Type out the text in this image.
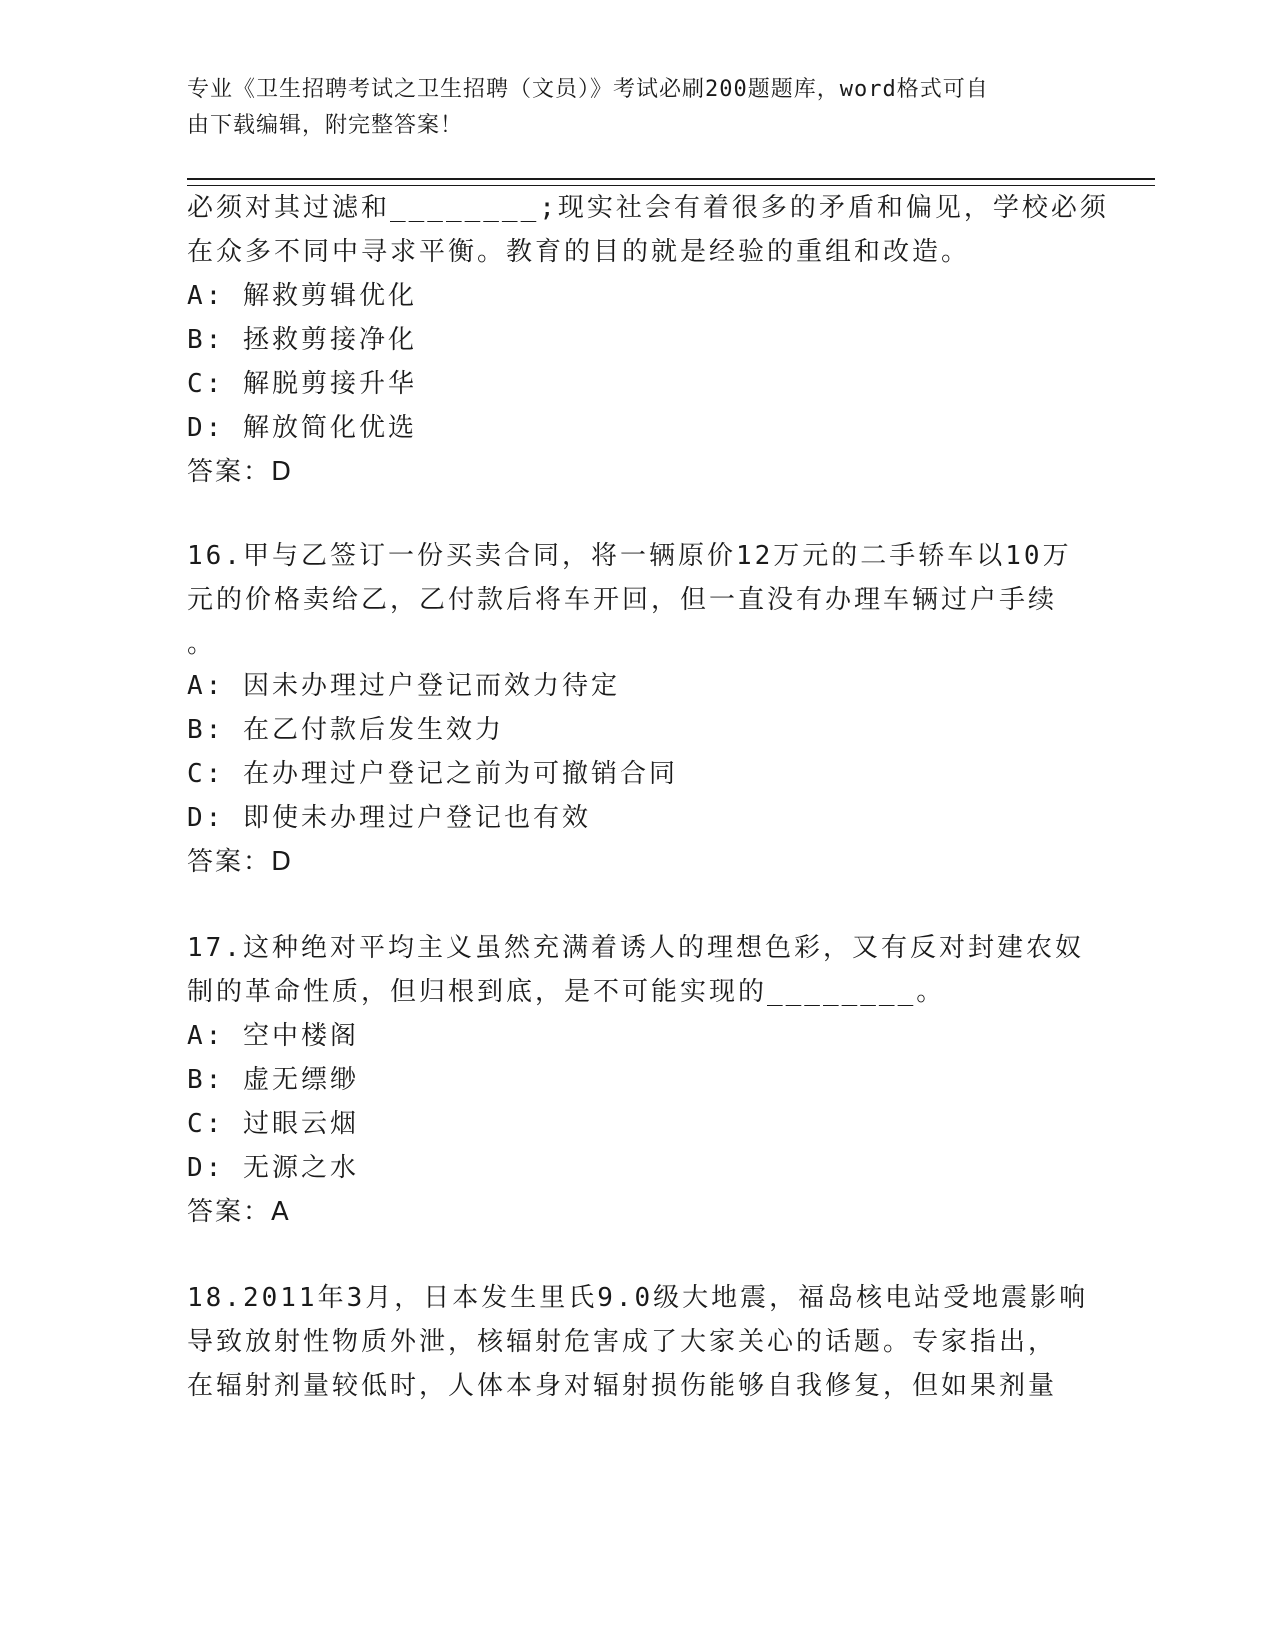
专业《卫生招聘考试之卫生招聘（文员）》考试必刷200题题库，word格式可自
由下载编辑，附完整答案！
必须对其过滤和________;现实社会有着很多的矛盾和偏见，学校必须
在众多不同中寻求平衡。教育的目的就是经验的重组和改造。
A: 解救剪辑优化
B: 拯救剪接净化
C: 解脱剪接升华
D: 解放简化优选
答案：D
16.甲与乙签订一份买卖合同，将一辆原价12万元的二手轿车以10万
元的价格卖给乙，乙付款后将车开回，但一直没有办理车辆过户手续
。
A: 因未办理过户登记而效力待定
B: 在乙付款后发生效力
C: 在办理过户登记之前为可撤销合同
D: 即使未办理过户登记也有效
答案：D
17.这种绝对平均主义虽然充满着诱人的理想色彩，又有反对封建农奴
制的革命性质，但归根到底，是不可能实现的________。
A: 空中楼阁
B: 虚无缥缈
C: 过眼云烟
D: 无源之水
答案：A
18.2011年3月，日本发生里氏9.0级大地震，福岛核电站受地震影响
导致放射性物质外泄，核辐射危害成了大家关心的话题。专家指出，
在辐射剂量较低时，人体本身对辐射损伤能够自我修复，但如果剂量
